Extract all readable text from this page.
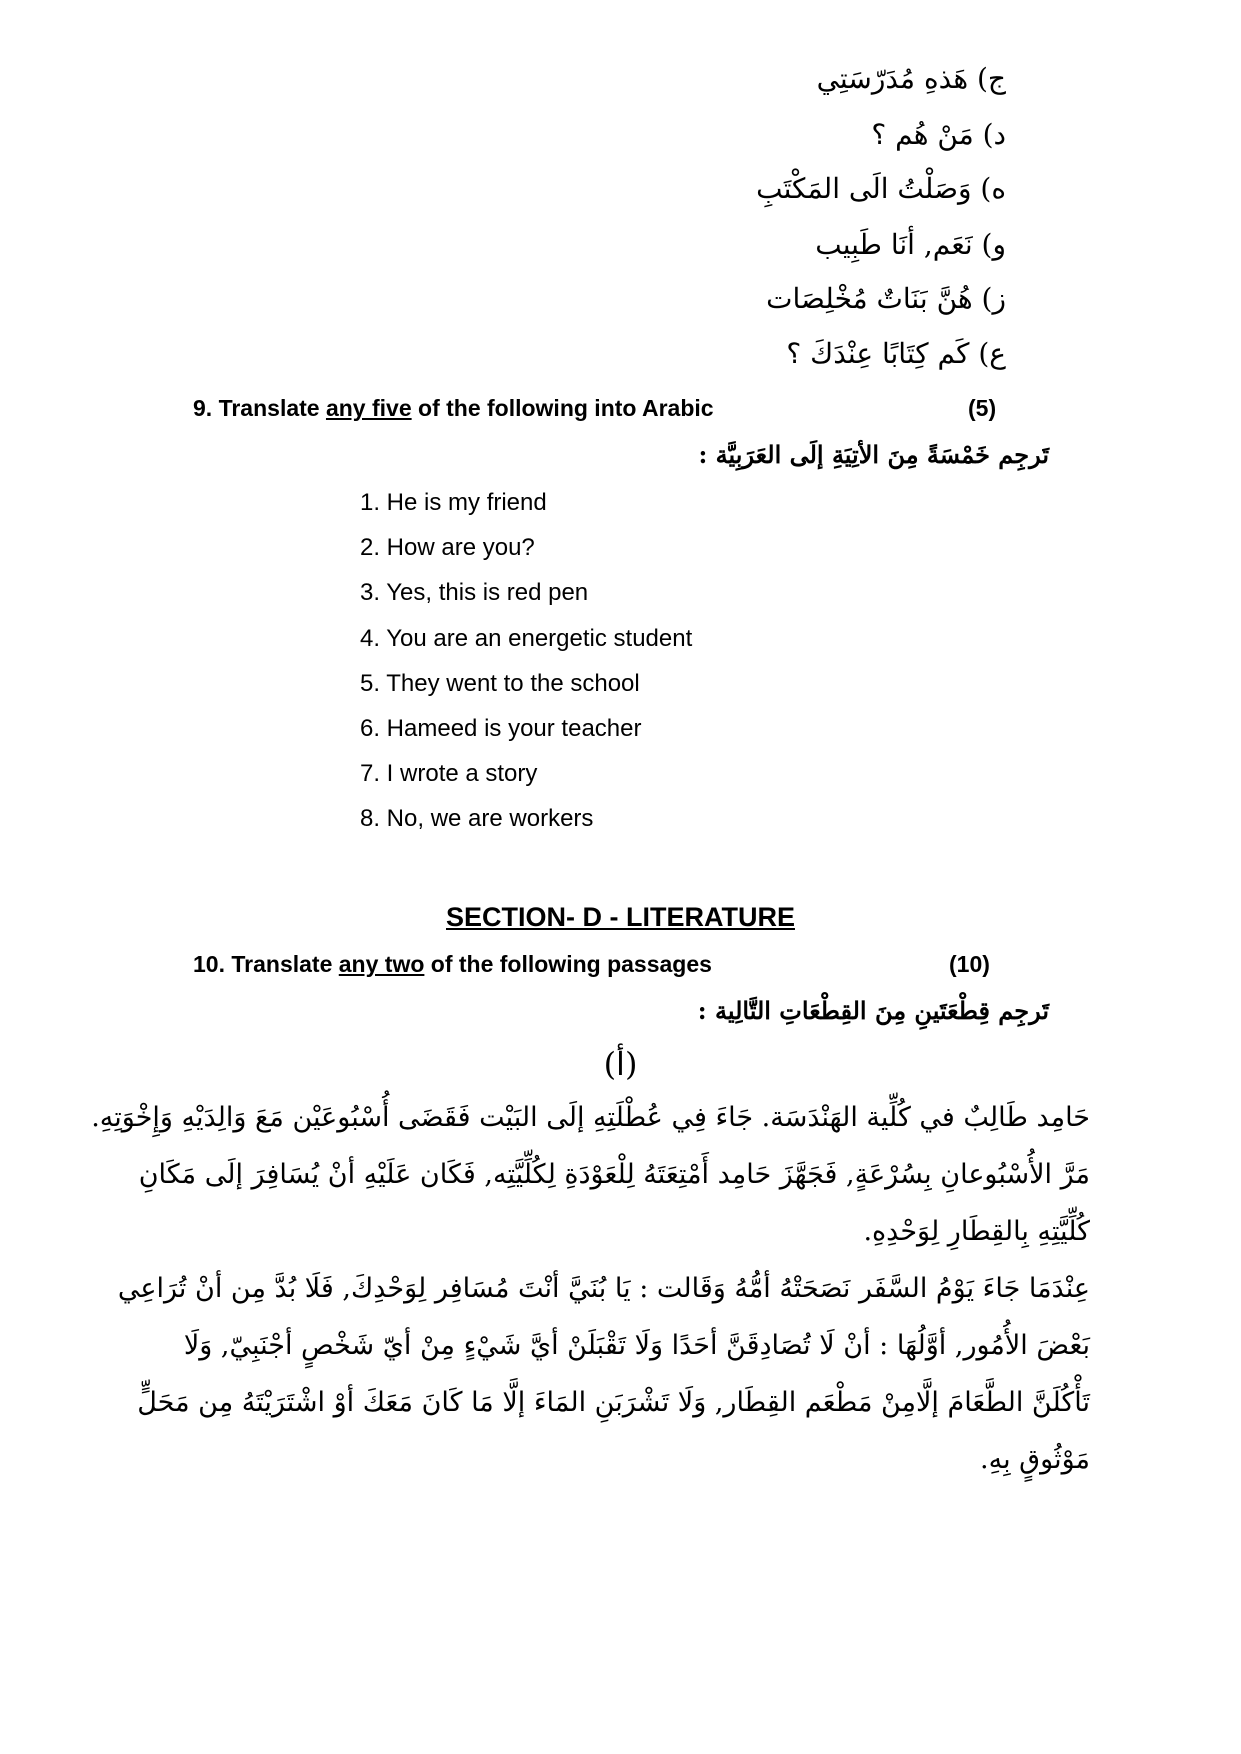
ج) هَذهِ مُدَرّسَتِي
د) مَنْ هُم ؟
ه) وَصَلْتُ الَى المَكْتَبِ
و) نَعَم, أنَا طَبِيب
ز) هُنَّ بَنَاتٌ مُخْلِصَات
ع) كَم كِتَابًا عِنْدَكَ ؟
9. Translate any five of the following into Arabic	(5)
تَرجِم خَمْسَةً مِنَ الأتِيَةِ إلَى العَرَبِيَّة :
1. He is my friend
2. How are you?
3. Yes, this is red pen
4. You are an energetic student
5. They went to the school
6. Hameed is your teacher
7. I wrote a story
8. No, we are workers
SECTION- D - LITERATURE
10. Translate any two of the following passages	(10)
تَرجِم قِطْعَتَينِ مِنَ القِطْعَاتِ التَّالِية :
(أ)
حَامِد طَالِبٌ في كُلِّية الهَنْدَسَة. جَاءَ فِي عُطْلَتِهِ إلَى البَيْت فَقَضَى أُسْبُوعَيْن مَعَ وَالِدَيْهِ وَإِخْوَتِهِ.
مَرَّ الأُسْبُوعانِ بِسُرْعَةٍ, فَجَهَّزَ حَامِد أَمْتِعَتَهُ لِلْعَوْدَةِ لِكُلِّيَّتِه, فَكَان عَلَيْهِ أنْ يُسَافِرَ إلَى مَكَانِ
كُلِّيَّتِهِ بِالقِطَارِ لِوَحْدِهِ.
عِنْدَمَا جَاءَ يَوْمُ السَّفَر نَصَحَتْهُ أمُّهُ وَقَالت : يَا بُنَيَّ أنْتَ مُسَافِر لِوَحْدِكَ, فَلَا بُدَّ مِن أنْ تُرَاعِي
بَعْضَ الأُمُور, أوَّلُهَا : أنْ لَا تُصَادِقَنَّ أحَدًا وَلَا تَقْبَلَنْ أيَّ شَيْءٍ مِنْ أيّ شَخْصٍ أجْنَبِيّ, وَلَا
تَأْكُلَنَّ الطَّعَامَ إلَّامِنْ مَطْعَم القِطَار, وَلَا تَشْرَبَنِ المَاءَ إلَّا مَا كَانَ مَعَكَ أوْ اشْتَرَيْتَهُ مِن مَحَلٍّ
مَوْثُوقٍ بِهِ.
